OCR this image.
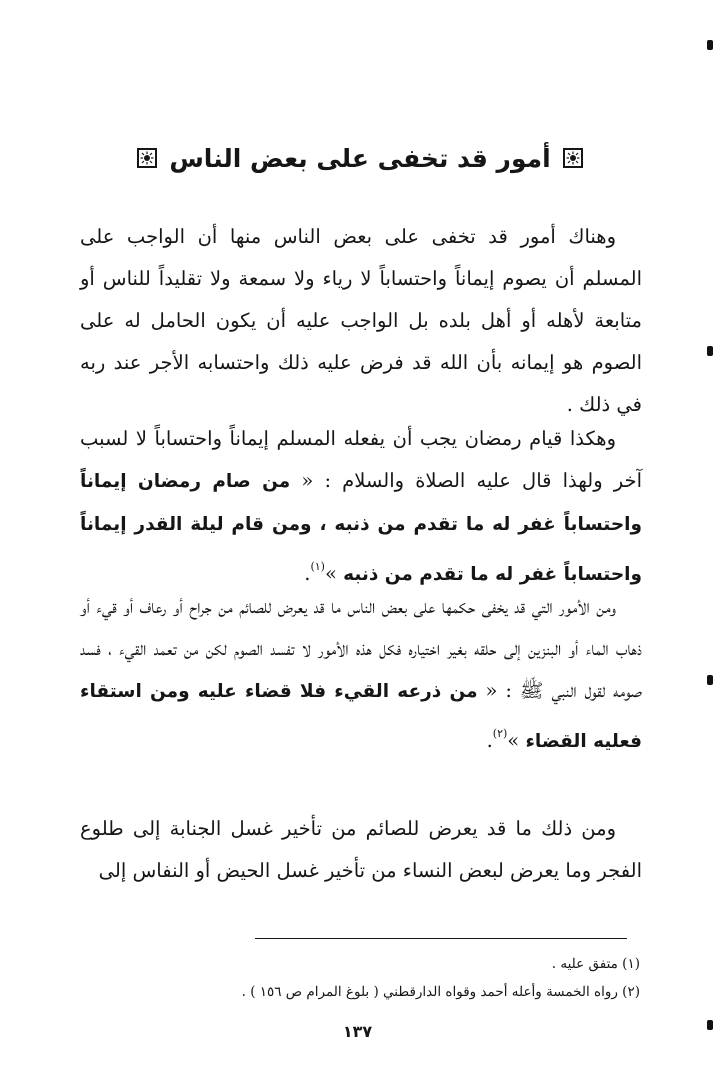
أمور قد تخفى على بعض الناس

وهناك أمور قد تخفى على بعض الناس منها أن الواجب على المسلم أن يصوم إيماناً واحتساباً لا رياء ولا سمعة ولا تقليداً للناس أو متابعة لأهله أو أهل بلده بل الواجب عليه أن يكون الحامل له على الصوم هو إيمانه بأن الله قد فرض عليه ذلك واحتسابه الأجر عند ربه في ذلك .

وهكذا قيام رمضان يجب أن يفعله المسلم إيماناً واحتساباً لا لسبب آخر ولهذا قال عليه الصلاة والسلام : « من صام رمضان إيماناً واحتساباً غفر له ما تقدم من ذنبه ، ومن قام ليلة القدر إيماناً واحتساباً غفر له ما تقدم من ذنبه »$^{(١)}$.

ومن الأمور التي قد يخفى حكمها على بعض الناس ما قد يعرض للصائم من جراح أو رعاف أو قيء أو ذهاب الماء أو البنزين إلى حلقه بغير اختياره فكل هذه الأمور لا تفسد الصوم لكن من تعمد القيء ، فسد صومه لقول النبي ﷺ : « من ذرعه القيء فلا قضاء عليه ومن استقاء فعليه القضاء »$^{(٢)}$.

ومن ذلك ما قد يعرض للصائم من تأخير غسل الجنابة إلى طلوع الفجر وما يعرض لبعض النساء من تأخير غسل الحيض أو النفاس إلى

(١) متفق عليه .
(٢) رواه الخمسة وأعله أحمد وقواه الدارقطني ( بلوغ المرام ص ١٥٦ ) .
١٣٧
